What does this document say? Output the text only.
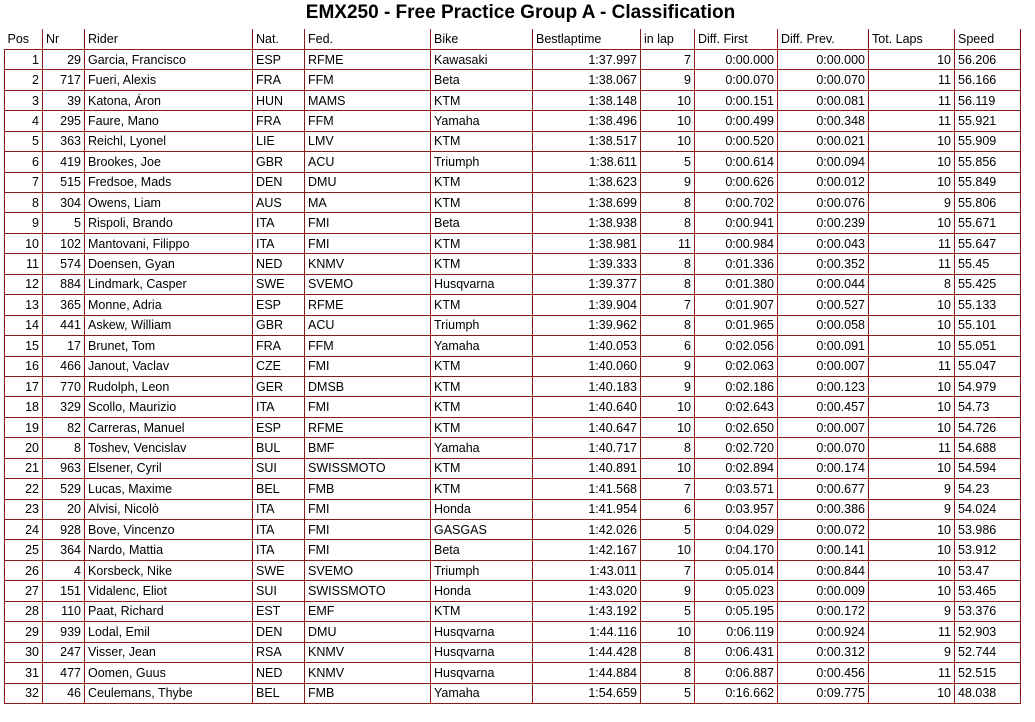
EMX250 - Free Practice Group A - Classification
Pos	Nr	Rider	Nat.	Fed.	Bike	Bestlaptime	in lap	Diff. First	Diff. Prev.	Tot. Laps	Speed
1	29	Garcia, Francisco	ESP	RFME	Kawasaki	1:37.997	7	0:00.000	0:00.000	10	56.206
2	717	Fueri, Alexis	FRA	FFM	Beta	1:38.067	9	0:00.070	0:00.070	11	56.166
3	39	Katona, Áron	HUN	MAMS	KTM	1:38.148	10	0:00.151	0:00.081	11	56.119
4	295	Faure, Mano	FRA	FFM	Yamaha	1:38.496	10	0:00.499	0:00.348	11	55.921
5	363	Reichl, Lyonel	LIE	LMV	KTM	1:38.517	10	0:00.520	0:00.021	10	55.909
6	419	Brookes, Joe	GBR	ACU	Triumph	1:38.611	5	0:00.614	0:00.094	10	55.856
7	515	Fredsoe, Mads	DEN	DMU	KTM	1:38.623	9	0:00.626	0:00.012	10	55.849
8	304	Owens, Liam	AUS	MA	KTM	1:38.699	8	0:00.702	0:00.076	9	55.806
9	5	Rispoli, Brando	ITA	FMI	Beta	1:38.938	8	0:00.941	0:00.239	10	55.671
10	102	Mantovani, Filippo	ITA	FMI	KTM	1:38.981	11	0:00.984	0:00.043	11	55.647
11	574	Doensen, Gyan	NED	KNMV	KTM	1:39.333	8	0:01.336	0:00.352	11	55.45
12	884	Lindmark, Casper	SWE	SVEMO	Husqvarna	1:39.377	8	0:01.380	0:00.044	8	55.425
13	365	Monne, Adria	ESP	RFME	KTM	1:39.904	7	0:01.907	0:00.527	10	55.133
14	441	Askew, William	GBR	ACU	Triumph	1:39.962	8	0:01.965	0:00.058	10	55.101
15	17	Brunet, Tom	FRA	FFM	Yamaha	1:40.053	6	0:02.056	0:00.091	10	55.051
16	466	Janout, Vaclav	CZE	FMI	KTM	1:40.060	9	0:02.063	0:00.007	11	55.047
17	770	Rudolph, Leon	GER	DMSB	KTM	1:40.183	9	0:02.186	0:00.123	10	54.979
18	329	Scollo, Maurizio	ITA	FMI	KTM	1:40.640	10	0:02.643	0:00.457	10	54.73
19	82	Carreras, Manuel	ESP	RFME	KTM	1:40.647	10	0:02.650	0:00.007	10	54.726
20	8	Toshev, Vencislav	BUL	BMF	Yamaha	1:40.717	8	0:02.720	0:00.070	11	54.688
21	963	Elsener, Cyril	SUI	SWISSMOTO	KTM	1:40.891	10	0:02.894	0:00.174	10	54.594
22	529	Lucas, Maxime	BEL	FMB	KTM	1:41.568	7	0:03.571	0:00.677	9	54.23
23	20	Alvisi, Nicolò	ITA	FMI	Honda	1:41.954	6	0:03.957	0:00.386	9	54.024
24	928	Bove, Vincenzo	ITA	FMI	GASGAS	1:42.026	5	0:04.029	0:00.072	10	53.986
25	364	Nardo, Mattia	ITA	FMI	Beta	1:42.167	10	0:04.170	0:00.141	10	53.912
26	4	Korsbeck, Nike	SWE	SVEMO	Triumph	1:43.011	7	0:05.014	0:00.844	10	53.47
27	151	Vidalenc, Eliot	SUI	SWISSMOTO	Honda	1:43.020	9	0:05.023	0:00.009	10	53.465
28	110	Paat, Richard	EST	EMF	KTM	1:43.192	5	0:05.195	0:00.172	9	53.376
29	939	Lodal, Emil	DEN	DMU	Husqvarna	1:44.116	10	0:06.119	0:00.924	11	52.903
30	247	Visser, Jean	RSA	KNMV	Husqvarna	1:44.428	8	0:06.431	0:00.312	9	52.744
31	477	Oomen, Guus	NED	KNMV	Husqvarna	1:44.884	8	0:06.887	0:00.456	11	52.515
32	46	Ceulemans, Thybe	BEL	FMB	Yamaha	1:54.659	5	0:16.662	0:09.775	10	48.038
